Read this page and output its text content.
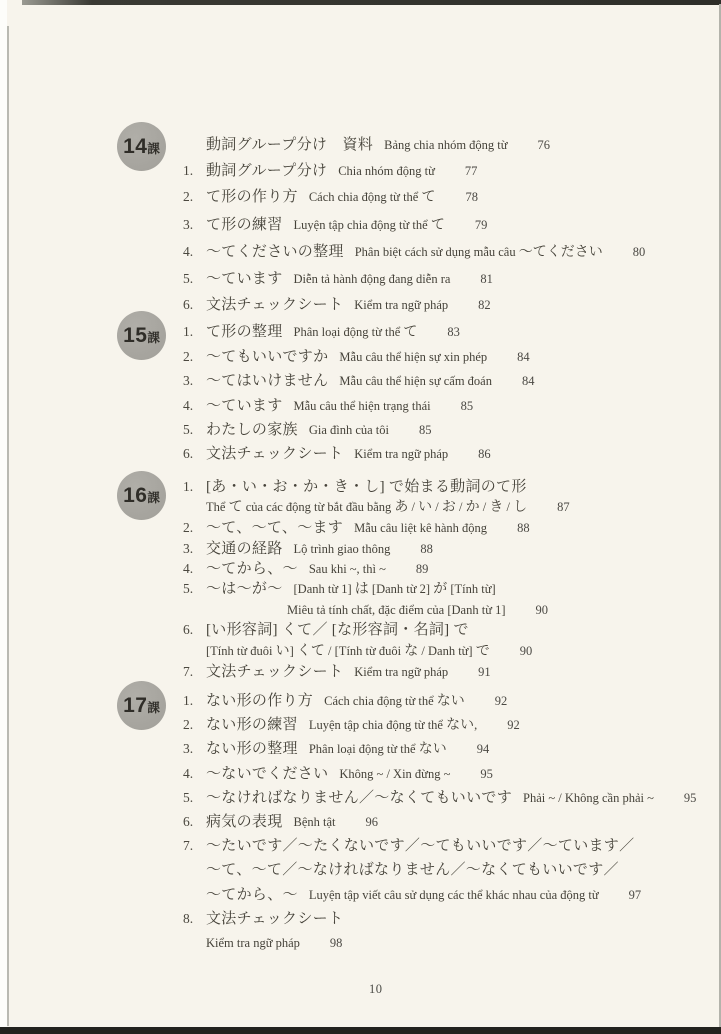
14課	動詞グループ分け　資料 Bảng chia nhóm động từ 76
1. 動詞グループ分け Chia nhóm động từ 77
2. て形の作り方 Cách chia động từ thể て 78
3. て形の練習 Luyện tập chia động từ thể て 79
4. ～てくださいの整理 Phân biệt cách sử dụng mẫu câu ～てください 80
5. ～ています Diễn tả hành động đang diễn ra 81
6. 文法チェックシート Kiểm tra ngữ pháp 82
15課	1. て形の整理 Phân loại động từ thể て 83
2. ～てもいいですか Mẫu câu thể hiện sự xin phép 84
3. ～てはいけません Mẫu câu thể hiện sự cấm đoán 84
4. ～ています Mẫu câu thể hiện trạng thái 85
5. わたしの家族 Gia đình của tôi 85
6. 文法チェックシート Kiểm tra ngữ pháp 86
16課
1. [あ・い・お・か・き・し] で始まる動詞のて形
Thể て của các động từ bắt đầu bằng あ / い / お / か / き / し 87
2. ～て、～て、～ます Mẫu câu liệt kê hành động 88
3. 交通の経路 Lộ trình giao thông 88
4. ～てから、～ Sau khi ~, thì ~ 89
5. ～は～が～ [Danh từ 1] は [Danh từ 2] が [Tính từ]
Miêu tả tính chất, đặc điểm của [Danh từ 1] 90
6. [い形容詞] くて／ [な形容詞・名詞] で
[Tính từ đuôi い] くて / [Tính từ đuôi な / Danh từ] で 90
7. 文法チェックシート Kiểm tra ngữ pháp 91
17課	1. ない形の作り方 Cách chia động từ thể ない 92
2. ない形の練習 Luyện tập chia động từ thể ない, 92
3. ない形の整理 Phân loại động từ thể ない 94
4. ～ないでください Không ~ / Xin đừng ~ 95
5. ～なければなりません／～なくてもいいです Phải ~ / Không cần phải ~ 95
6. 病気の表現 Bệnh tật 96
7. ～たいです／～たくないです／～てもいいです／～ています／
～て、～て／～なければなりません／～なくてもいいです／
～てから、～ Luyện tập viết câu sử dụng các thể khác nhau của động từ 97
8. 文法チェックシート
Kiểm tra ngữ pháp 98
10
